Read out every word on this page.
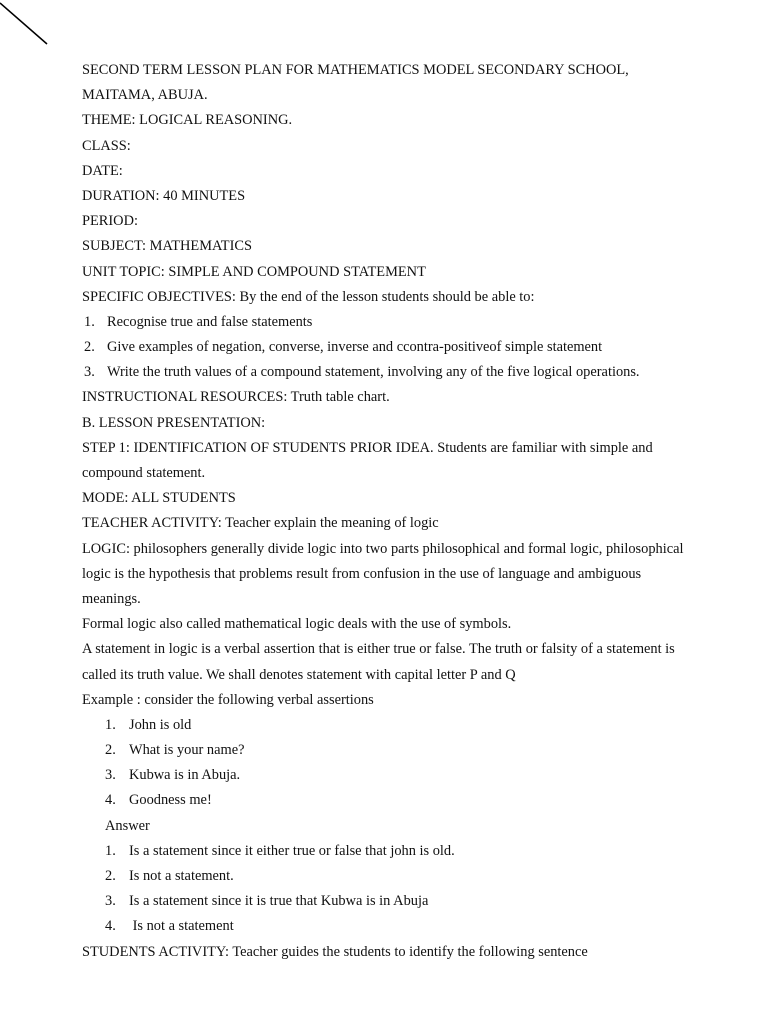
SECOND TERM LESSON PLAN FOR MATHEMATICS MODEL SECONDARY SCHOOL,
MAITAMA, ABUJA.
THEME: LOGICAL REASONING.
CLASS:
DATE:
DURATION: 40 MINUTES
PERIOD:
SUBJECT: MATHEMATICS
UNIT TOPIC: SIMPLE AND COMPOUND STATEMENT
SPECIFIC OBJECTIVES: By the end of the lesson students should be able to:
1. Recognise true and false statements
2. Give examples of negation, converse, inverse and ccontra-positiveof simple statement
3. Write the truth values of a compound statement, involving any of the five logical operations.
INSTRUCTIONAL RESOURCES: Truth table chart.
B. LESSON PRESENTATION:
STEP 1: IDENTIFICATION OF STUDENTS PRIOR IDEA. Students are familiar with simple and
compound statement.
MODE: ALL STUDENTS
TEACHER ACTIVITY: Teacher explain the meaning of logic
LOGIC: philosophers generally divide logic into two parts philosophical and formal logic, philosophical
logic is the hypothesis that problems result from confusion in the use of language and ambiguous
meanings.
Formal logic also called mathematical logic deals with the use of symbols.
A statement in logic is a verbal assertion that is either true or false. The truth or falsity of a statement is
called its truth value. We shall denotes statement with capital letter P and Q
Example : consider the following verbal assertions
1. John is old
2. What is your name?
3. Kubwa is in Abuja.
4. Goodness me!
Answer
1. Is a statement since it either true or false that john is old.
2. Is not a statement.
3. Is a statement since it is true that Kubwa is in Abuja
4. Is not a statement
STUDENTS ACTIVITY: Teacher guides the students to identify the following sentence
